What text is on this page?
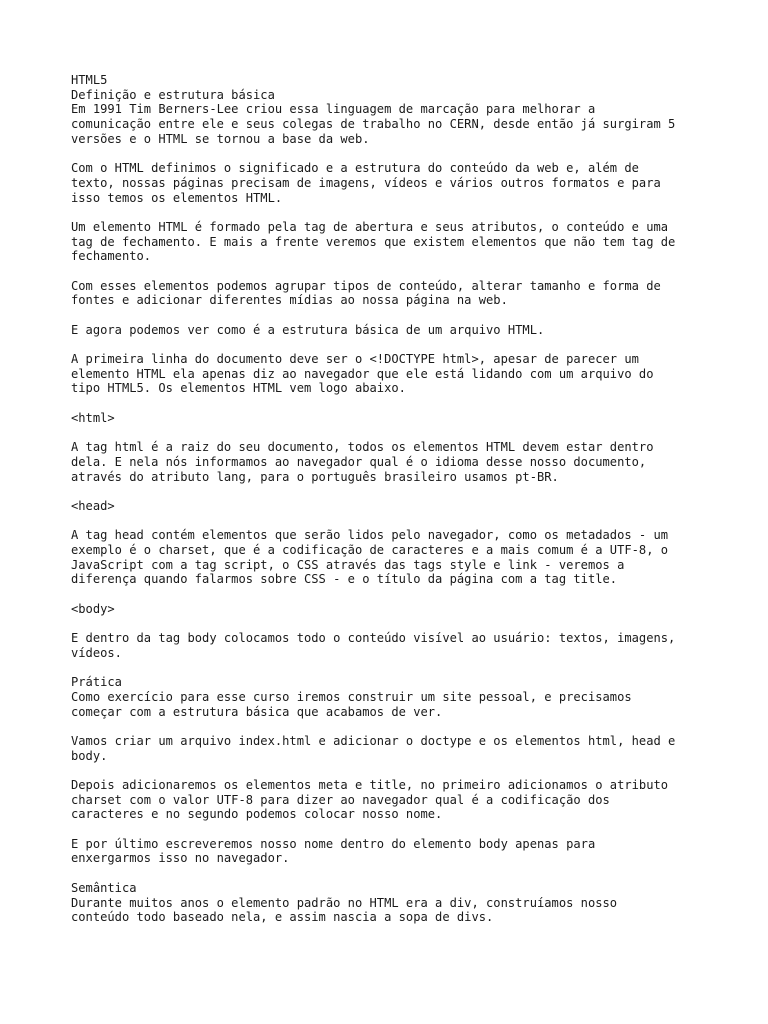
HTML5
Definição e estrutura básica
Em 1991 Tim Berners-Lee criou essa linguagem de marcação para melhorar a
comunicação entre ele e seus colegas de trabalho no CERN, desde então já surgiram 5
versões e o HTML se tornou a base da web.
Com o HTML definimos o significado e a estrutura do conteúdo da web e, além de
texto, nossas páginas precisam de imagens, vídeos e vários outros formatos e para
isso temos os elementos HTML.
Um elemento HTML é formado pela tag de abertura e seus atributos, o conteúdo e uma
tag de fechamento. E mais a frente veremos que existem elementos que não tem tag de
fechamento.
Com esses elementos podemos agrupar tipos de conteúdo, alterar tamanho e forma de
fontes e adicionar diferentes mídias ao nossa página na web.
E agora podemos ver como é a estrutura básica de um arquivo HTML.
A primeira linha do documento deve ser o <!DOCTYPE html>, apesar de parecer um
elemento HTML ela apenas diz ao navegador que ele está lidando com um arquivo do
tipo HTML5. Os elementos HTML vem logo abaixo.
<html>
A tag html é a raiz do seu documento, todos os elementos HTML devem estar dentro
dela. E nela nós informamos ao navegador qual é o idioma desse nosso documento,
através do atributo lang, para o português brasileiro usamos pt-BR.
<head>
A tag head contém elementos que serão lidos pelo navegador, como os metadados - um
exemplo é o charset, que é a codificação de caracteres e a mais comum é a UTF-8, o
JavaScript com a tag script, o CSS através das tags style e link - veremos a
diferença quando falarmos sobre CSS - e o título da página com a tag title.
<body>
E dentro da tag body colocamos todo o conteúdo visível ao usuário: textos, imagens,
vídeos.
Prática
Como exercício para esse curso iremos construir um site pessoal, e precisamos
começar com a estrutura básica que acabamos de ver.
Vamos criar um arquivo index.html e adicionar o doctype e os elementos html, head e
body.
Depois adicionaremos os elementos meta e title, no primeiro adicionamos o atributo
charset com o valor UTF-8 para dizer ao navegador qual é a codificação dos
caracteres e no segundo podemos colocar nosso nome.
E por último escreveremos nosso nome dentro do elemento body apenas para
enxergarmos isso no navegador.
Semântica
Durante muitos anos o elemento padrão no HTML era a div, construíamos nosso
conteúdo todo baseado nela, e assim nascia a sopa de divs.
